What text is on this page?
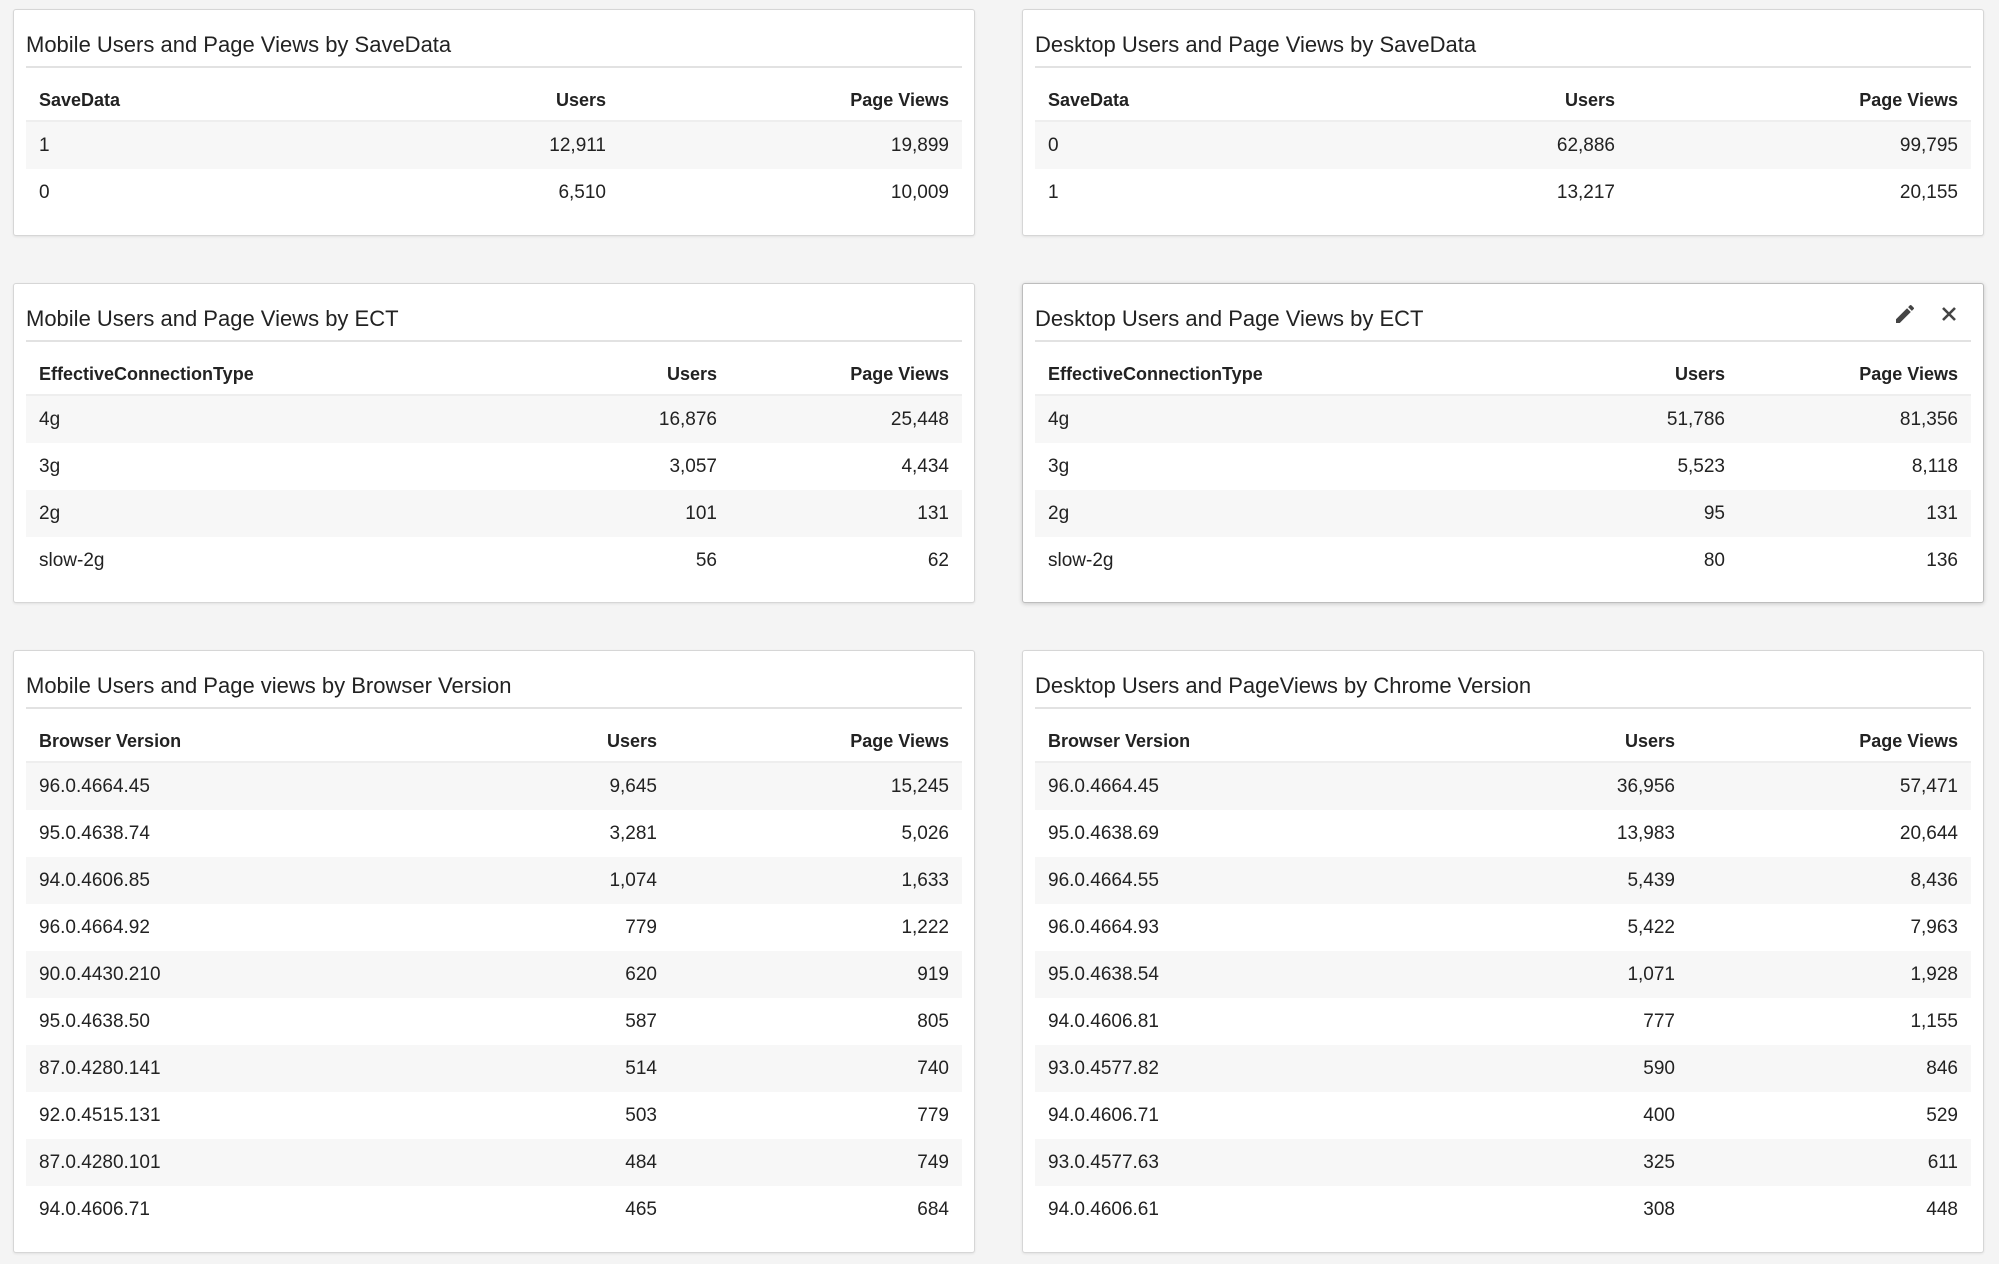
Mobile Users and Page Views by SaveData
SaveData	Users	Page Views
1	12,911	19,899
0	6,510	10,009
Desktop Users and Page Views by SaveData
SaveData	Users	Page Views
0	62,886	99,795
1	13,217	20,155
Mobile Users and Page Views by ECT
EffectiveConnectionType	Users	Page Views
4g	16,876	25,448
3g	3,057	4,434
2g	101	131
slow-2g	56	62
Desktop Users and Page Views by ECT
EffectiveConnectionType	Users	Page Views
4g	51,786	81,356
3g	5,523	8,118
2g	95	131
slow-2g	80	136
Mobile Users and Page views by Browser Version
Browser Version	Users	Page Views
96.0.4664.45	9,645	15,245
95.0.4638.74	3,281	5,026
94.0.4606.85	1,074	1,633
96.0.4664.92	779	1,222
90.0.4430.210	620	919
95.0.4638.50	587	805
87.0.4280.141	514	740
92.0.4515.131	503	779
87.0.4280.101	484	749
94.0.4606.71	465	684
Desktop Users and PageViews by Chrome Version
Browser Version	Users	Page Views
96.0.4664.45	36,956	57,471
95.0.4638.69	13,983	20,644
96.0.4664.55	5,439	8,436
96.0.4664.93	5,422	7,963
95.0.4638.54	1,071	1,928
94.0.4606.81	777	1,155
93.0.4577.82	590	846
94.0.4606.71	400	529
93.0.4577.63	325	611
94.0.4606.61	308	448
